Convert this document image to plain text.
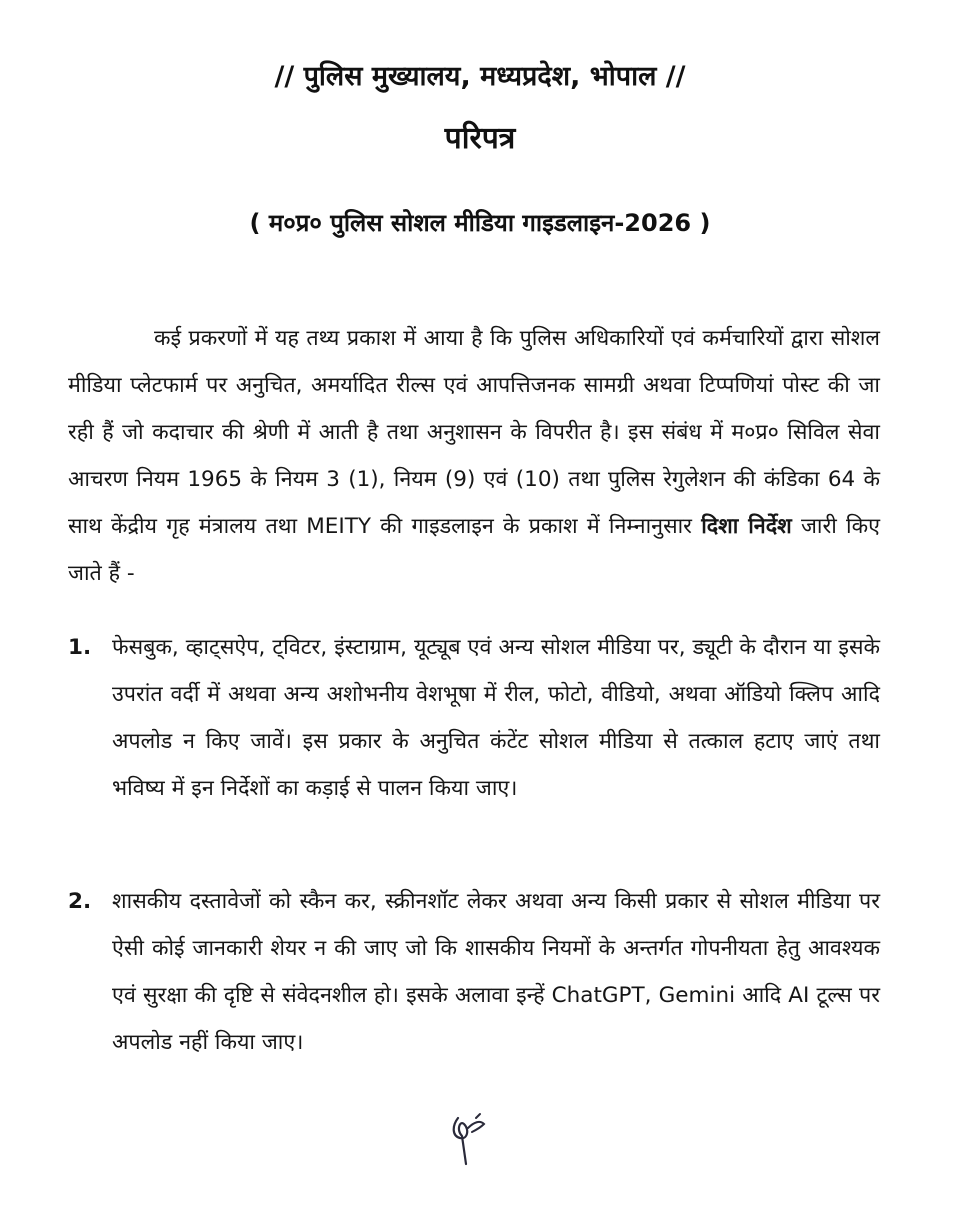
// पुलिस मुख्यालय, मध्यप्रदेश, भोपाल //
परिपत्र
( म०प्र० पुलिस सोशल मीडिया गाइडलाइन-2026 )
कई प्रकरणों में यह तथ्य प्रकाश में आया है कि पुलिस अधिकारियों एवं कर्मचारियों द्वारा सोशल मीडिया प्लेटफार्म पर अनुचित, अमर्यादित रील्स एवं आपत्तिजनक सामग्री अथवा टिप्पणियां पोस्ट की जा रही हैं जो कदाचार की श्रेणी में आती है तथा अनुशासन के विपरीत है। इस संबंध में म०प्र० सिविल सेवा आचरण नियम 1965 के नियम 3 (1), नियम (9) एवं (10) तथा पुलिस रेगुलेशन की कंडिका 64 के साथ केंद्रीय गृह मंत्रालय तथा MEITY की गाइडलाइन के प्रकाश में निम्नानुसार दिशा निर्देश जारी किए जाते हैं -
1. फेसबुक, व्हाट्सऐप, ट्विटर, इंस्टाग्राम, यूट्यूब एवं अन्य सोशल मीडिया पर, ड्यूटी के दौरान या इसके उपरांत वर्दी में अथवा अन्य अशोभनीय वेशभूषा में रील, फोटो, वीडियो, अथवा ऑडियो क्लिप आदि अपलोड न किए जावें। इस प्रकार के अनुचित कंटेंट सोशल मीडिया से तत्काल हटाए जाएं तथा भविष्य में इन निर्देशों का कड़ाई से पालन किया जाए।
2. शासकीय दस्तावेजों को स्कैन कर, स्क्रीनशॉट लेकर अथवा अन्य किसी प्रकार से सोशल मीडिया पर ऐसी कोई जानकारी शेयर न की जाए जो कि शासकीय नियमों के अन्तर्गत गोपनीयता हेतु आवश्यक एवं सुरक्षा की दृष्टि से संवेदनशील हो। इसके अलावा इन्हें ChatGPT, Gemini आदि AI टूल्स पर अपलोड नहीं किया जाए।
